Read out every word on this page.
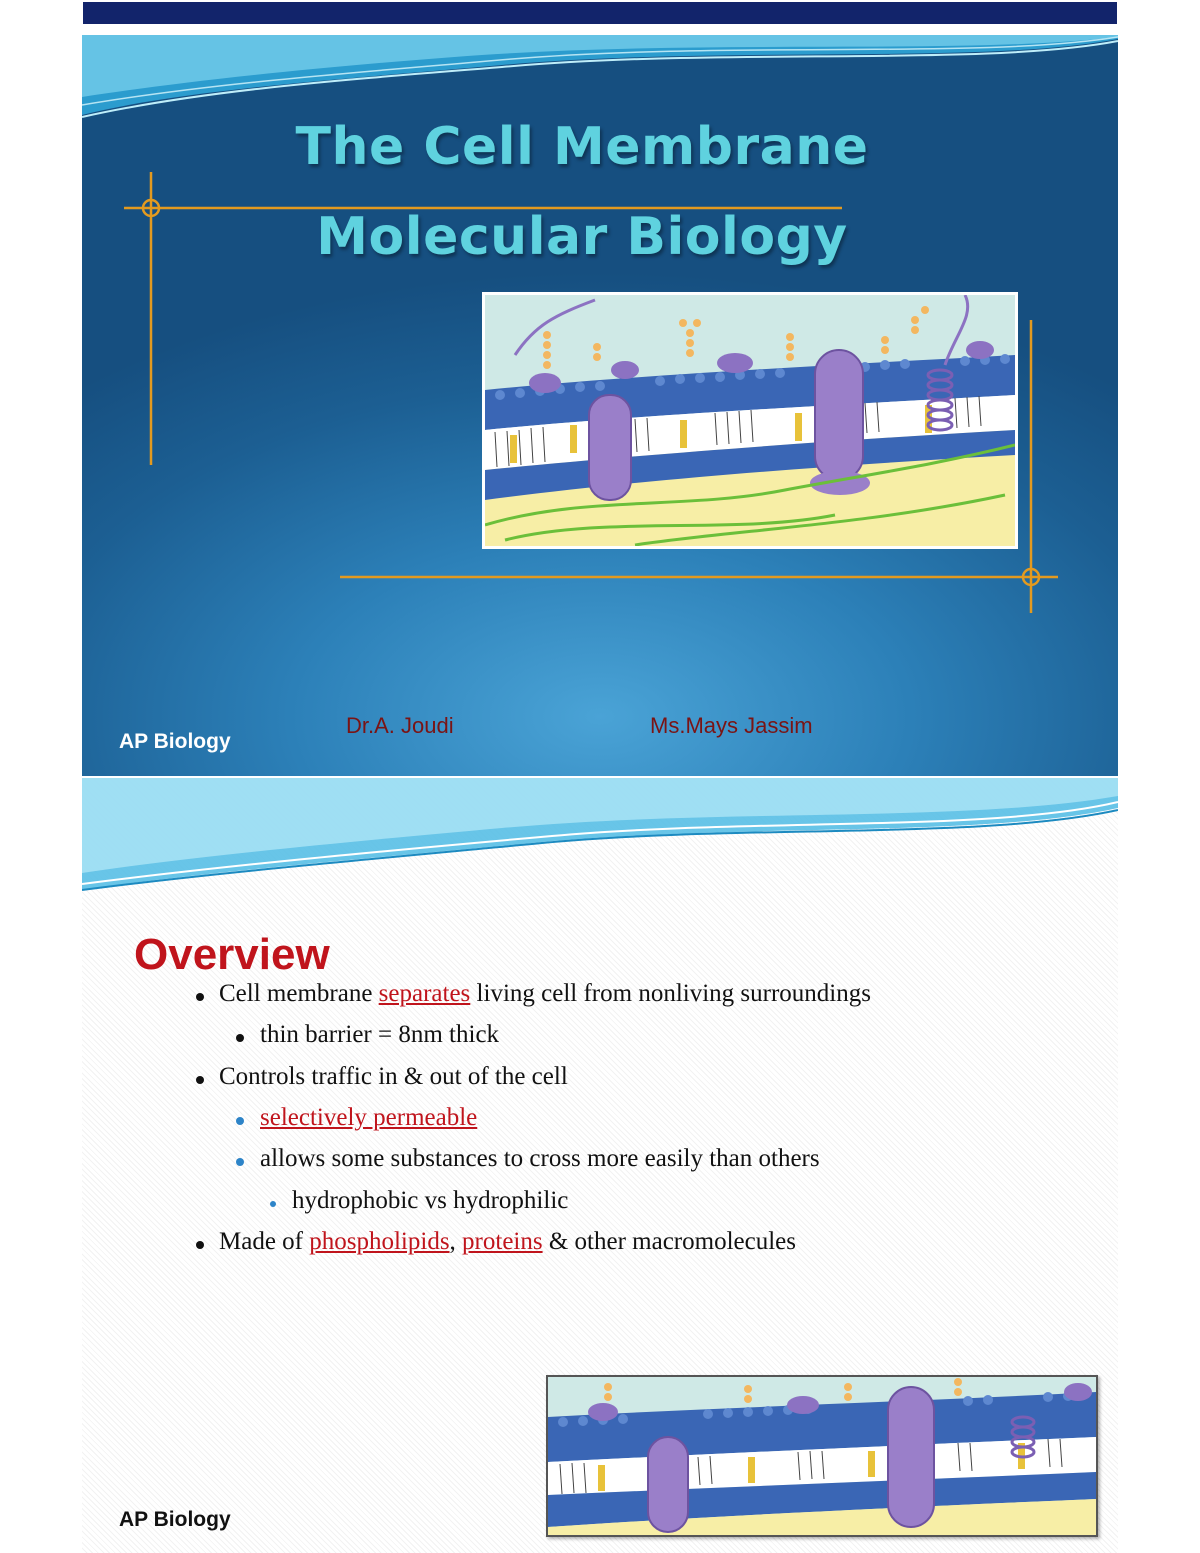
The Cell Membrane
Molecular Biology
AP Biology
Dr.A. Joudi	Ms.Mays Jassim
Overview
Cell membrane separates living cell from nonliving surroundings
thin barrier = 8nm thick
Controls traffic in & out of the cell
selectively permeable
allows some substances to cross more easily than others
hydrophobic vs hydrophilic
Made of phospholipids, proteins & other macromolecules
AP Biology
